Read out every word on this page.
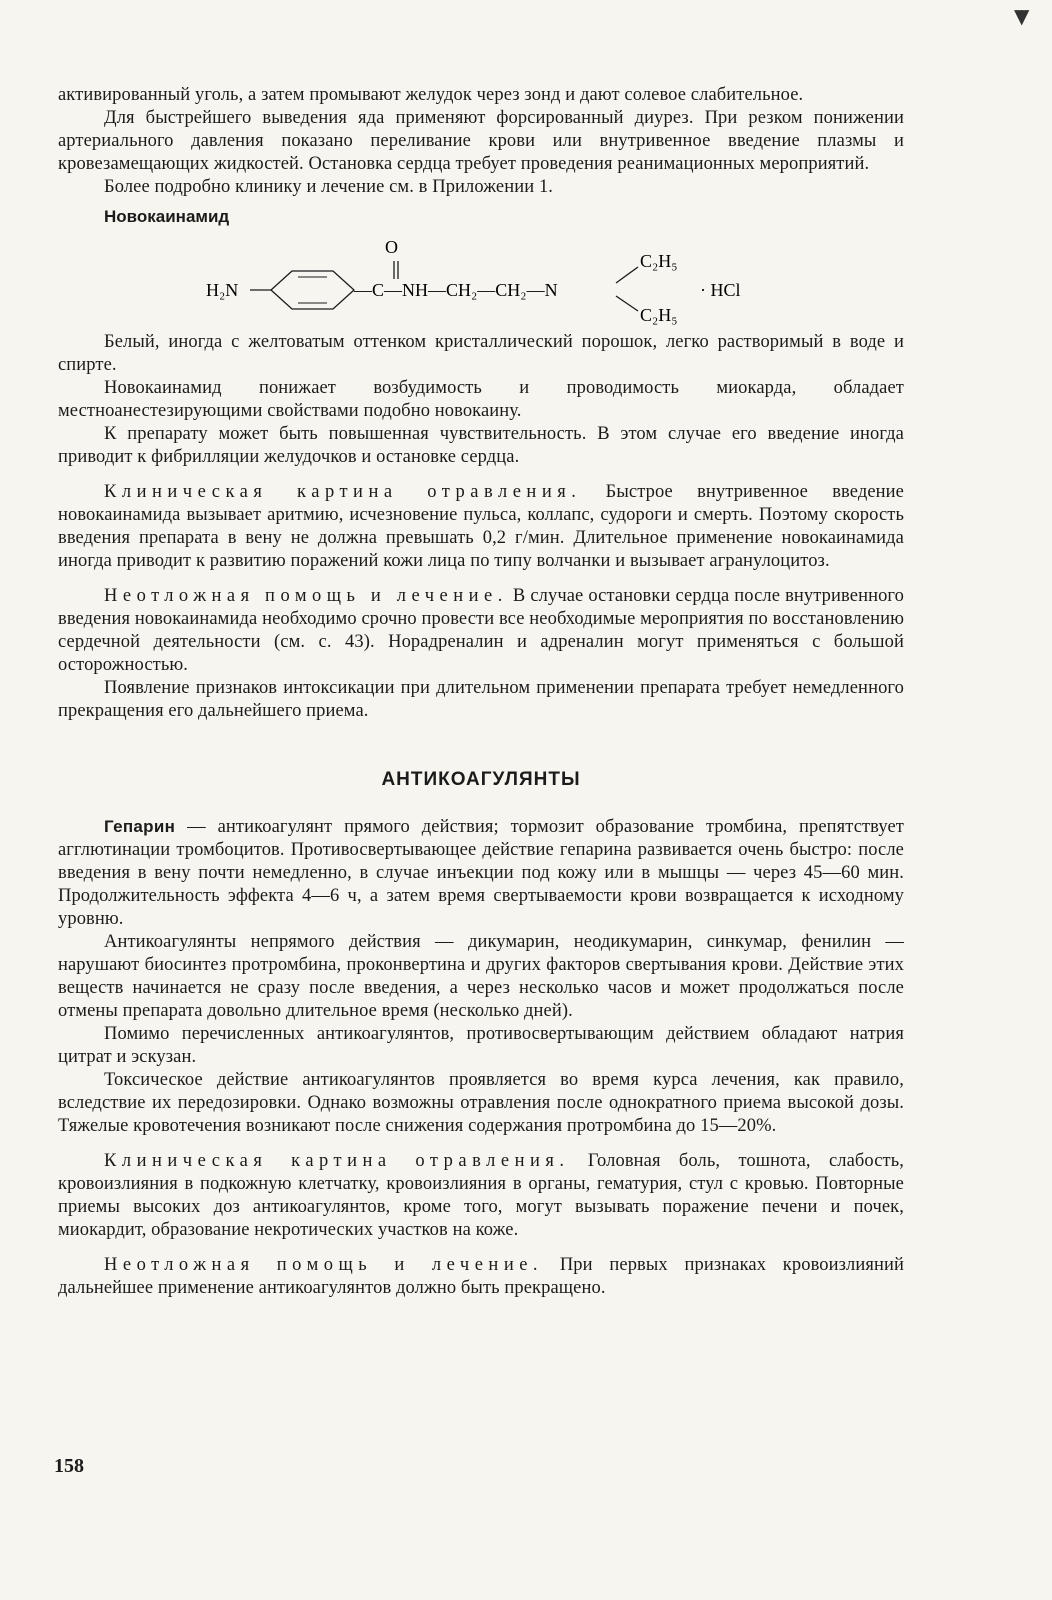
активированный уголь, а затем промывают желудок через зонд и дают солевое слабительное.

Для быстрейшего выведения яда применяют форсированный диурез. При резком понижении артериального давления показано переливание крови или внутривенное введение плазмы и кровезамещающих жидкостей. Остановка сердца требует проведения реанимационных мероприятий.

Более подробно клинику и лечение см. в Приложении 1.

Новокаинамид
O
H₂N	—C—NH—CH₂—CH₂—N
C₂H₅
C₂H₅
· HCl

Белый, иногда с желтоватым оттенком кристаллический порошок, легко растворимый в воде и спирте.

Новокаинамид понижает возбудимость и проводимость миокарда, обладает местноанестезирующими свойствами подобно новокаину.

К препарату может быть повышенная чувствительность. В этом случае его введение иногда приводит к фибрилляции желудочков и остановке сердца.

Клиническая картина отравления. Быстрое внутривенное введение новокаинамида вызывает аритмию, исчезновение пульса, коллапс, судороги и смерть. Поэтому скорость введения препарата в вену не должна превышать 0,2 г/мин. Длительное применение новокаинамида иногда приводит к развитию поражений кожи лица по типу волчанки и вызывает агранулоцитоз.

Неотложная помощь и лечение. В случае остановки сердца после внутривенного введения новокаинамида необходимо срочно провести все необходимые мероприятия по восстановлению сердечной деятельности (см. с. 43). Норадреналин и адреналин могут применяться с большой осторожностью.

Появление признаков интоксикации при длительном применении препарата требует немедленного прекращения его дальнейшего приема.

АНТИКОАГУЛЯНТЫ

Гепарин — антикоагулянт прямого действия; тормозит образование тромбина, препятствует агглютинации тромбоцитов. Противосвертывающее действие гепарина развивается очень быстро: после введения в вену почти немедленно, в случае инъекции под кожу или в мышцы — через 45—60 мин. Продолжительность эффекта 4—6 ч, а затем время свертываемости крови возвращается к исходному уровню.

Антикоагулянты непрямого действия — дикумарин, неодикумарин, синкумар, фенилин — нарушают биосинтез протромбина, проконвертина и других факторов свертывания крови. Действие этих веществ начинается не сразу после введения, а через несколько часов и может продолжаться после отмены препарата довольно длительное время (несколько дней).

Помимо перечисленных антикоагулянтов, противосвертывающим действием обладают натрия цитрат и эскузан.

Токсическое действие антикоагулянтов проявляется во время курса лечения, как правило, вследствие их передозировки. Однако возможны отравления после однократного приема высокой дозы. Тяжелые кровотечения возникают после снижения содержания протромбина до 15—20%.

Клиническая картина отравления. Головная боль, тошнота, слабость, кровоизлияния в подкожную клетчатку, кровоизлияния в органы, гематурия, стул с кровью. Повторные приемы высоких доз антикоагулянтов, кроме того, могут вызывать поражение печени и почек, миокардит, образование некротических участков на коже.

Неотложная помощь и лечение. При первых признаках кровоизлияний дальнейшее применение антикоагулянтов должно быть прекращено.

158
▼
